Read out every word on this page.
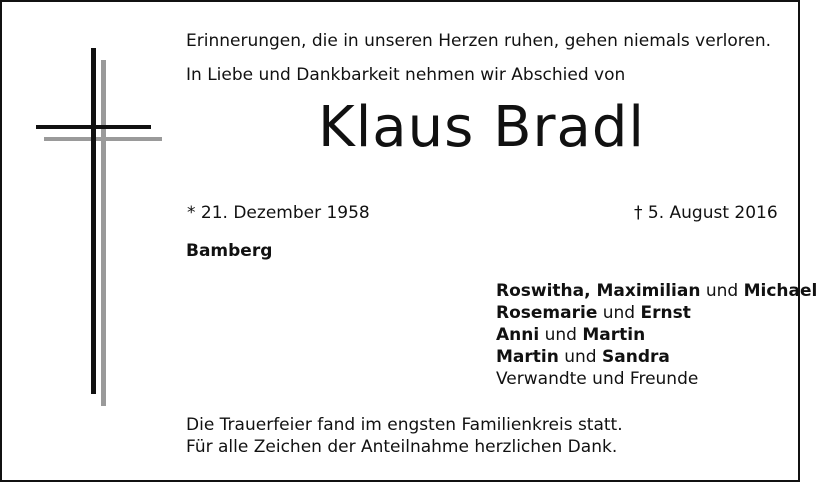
Erinnerungen, die in unseren Herzen ruhen, gehen niemals verloren.
In Liebe und Dankbarkeit nehmen wir Abschied von
Klaus Bradl
* 21. Dezember 1958	† 5. August 2016
Bamberg
Roswitha, Maximilian und Michael
Rosemarie und Ernst
Anni und Martin
Martin und Sandra
Verwandte und Freunde
Die Trauerfeier fand im engsten Familienkreis statt.
Für alle Zeichen der Anteilnahme herzlichen Dank.
